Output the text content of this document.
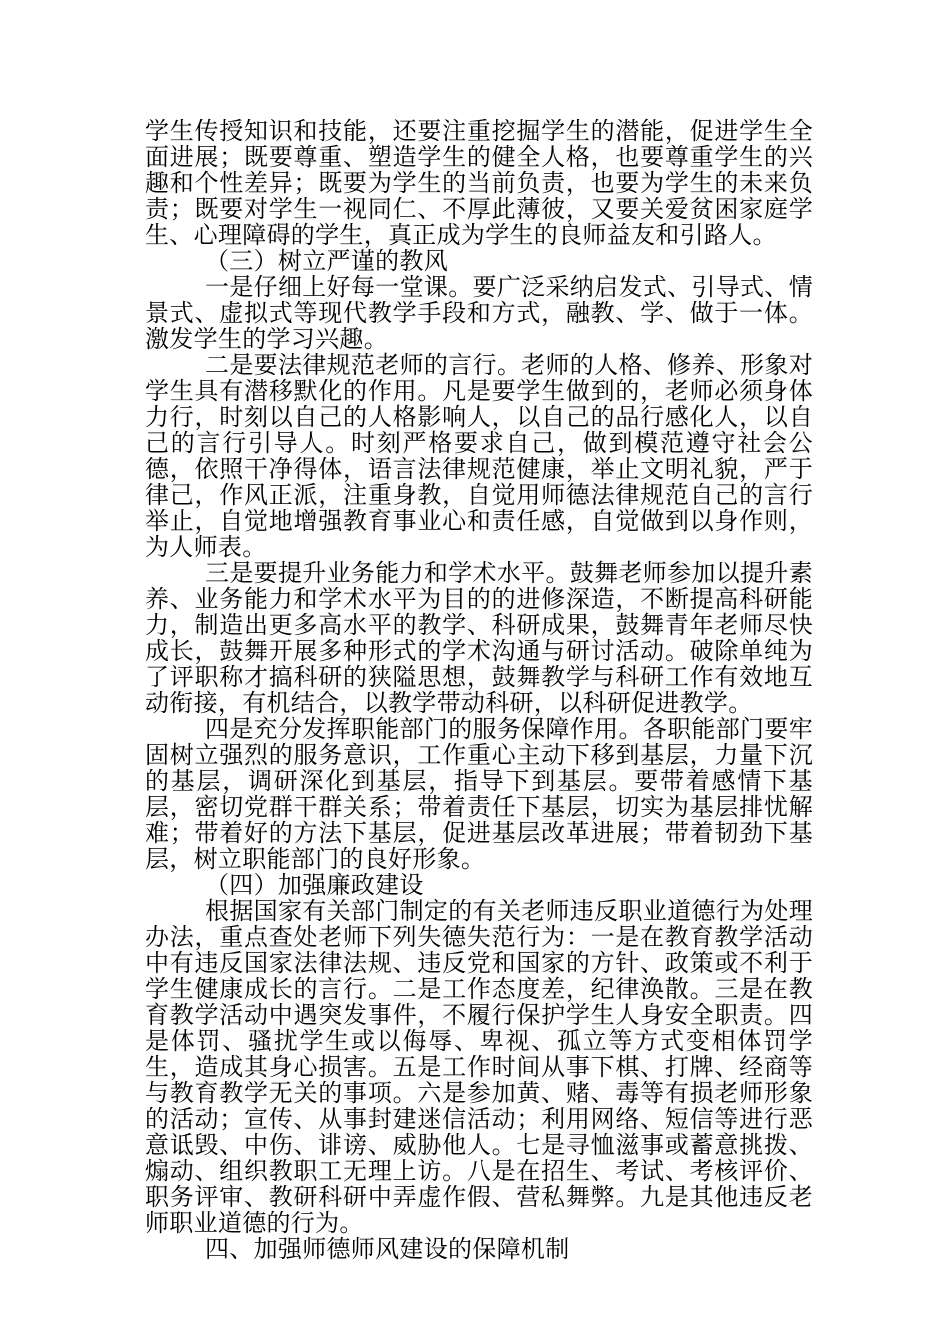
学生传授知识和技能，还要注重挖掘学生的潜能，促进学生全面进展；既要尊重、塑造学生的健全人格，也要尊重学生的兴趣和个性差异；既要为学生的当前负责，也要为学生的未来负责；既要对学生一视同仁、不厚此薄彼，又要关爱贫困家庭学生、心理障碍的学生，真正成为学生的良师益友和引路人。

（三）树立严谨的教风

一是仔细上好每一堂课。要广泛采纳启发式、引导式、情景式、虚拟式等现代教学手段和方式，融教、学、做于一体。激发学生的学习兴趣。

二是要法律规范老师的言行。老师的人格、修养、形象对学生具有潜移默化的作用。凡是要学生做到的，老师必须身体力行，时刻以自己的人格影响人，以自己的品行感化人，以自己的言行引导人。时刻严格要求自己，做到模范遵守社会公德，依照干净得体，语言法律规范健康，举止文明礼貌，严于律己，作风正派，注重身教，自觉用师德法律规范自己的言行举止，自觉地增强教育事业心和责任感，自觉做到以身作则，为人师表。

三是要提升业务能力和学术水平。鼓舞老师参加以提升素养、业务能力和学术水平为目的的进修深造，不断提高科研能力，制造出更多高水平的教学、科研成果，鼓舞青年老师尽快成长，鼓舞开展多种形式的学术沟通与研讨活动。破除单纯为了评职称才搞科研的狭隘思想，鼓舞教学与科研工作有效地互动衔接，有机结合，以教学带动科研，以科研促进教学。

四是充分发挥职能部门的服务保障作用。各职能部门要牢固树立强烈的服务意识，工作重心主动下移到基层，力量下沉的基层，调研深化到基层，指导下到基层。要带着感情下基层，密切党群干群关系；带着责任下基层，切实为基层排忧解难；带着好的方法下基层，促进基层改革进展；带着韧劲下基层，树立职能部门的良好形象。

（四）加强廉政建设

根据国家有关部门制定的有关老师违反职业道德行为处理办法，重点查处老师下列失德失范行为：一是在教育教学活动中有违反国家法律法规、违反党和国家的方针、政策或不利于学生健康成长的言行。二是工作态度差，纪律涣散。三是在教育教学活动中遇突发事件，不履行保护学生人身安全职责。四是体罚、骚扰学生或以侮辱、卑视、孤立等方式变相体罚学生，造成其身心损害。五是工作时间从事下棋、打牌、经商等与教育教学无关的事项。六是参加黄、赌、毒等有损老师形象的活动；宣传、从事封建迷信活动；利用网络、短信等进行恶意诋毁、中伤、诽谤、威胁他人。七是寻恤滋事或蓄意挑拨、煽动、组织教职工无理上访。八是在招生、考试、考核评价、职务评审、教研科研中弄虚作假、营私舞弊。九是其他违反老师职业道德的行为。

四、加强师德师风建设的保障机制
